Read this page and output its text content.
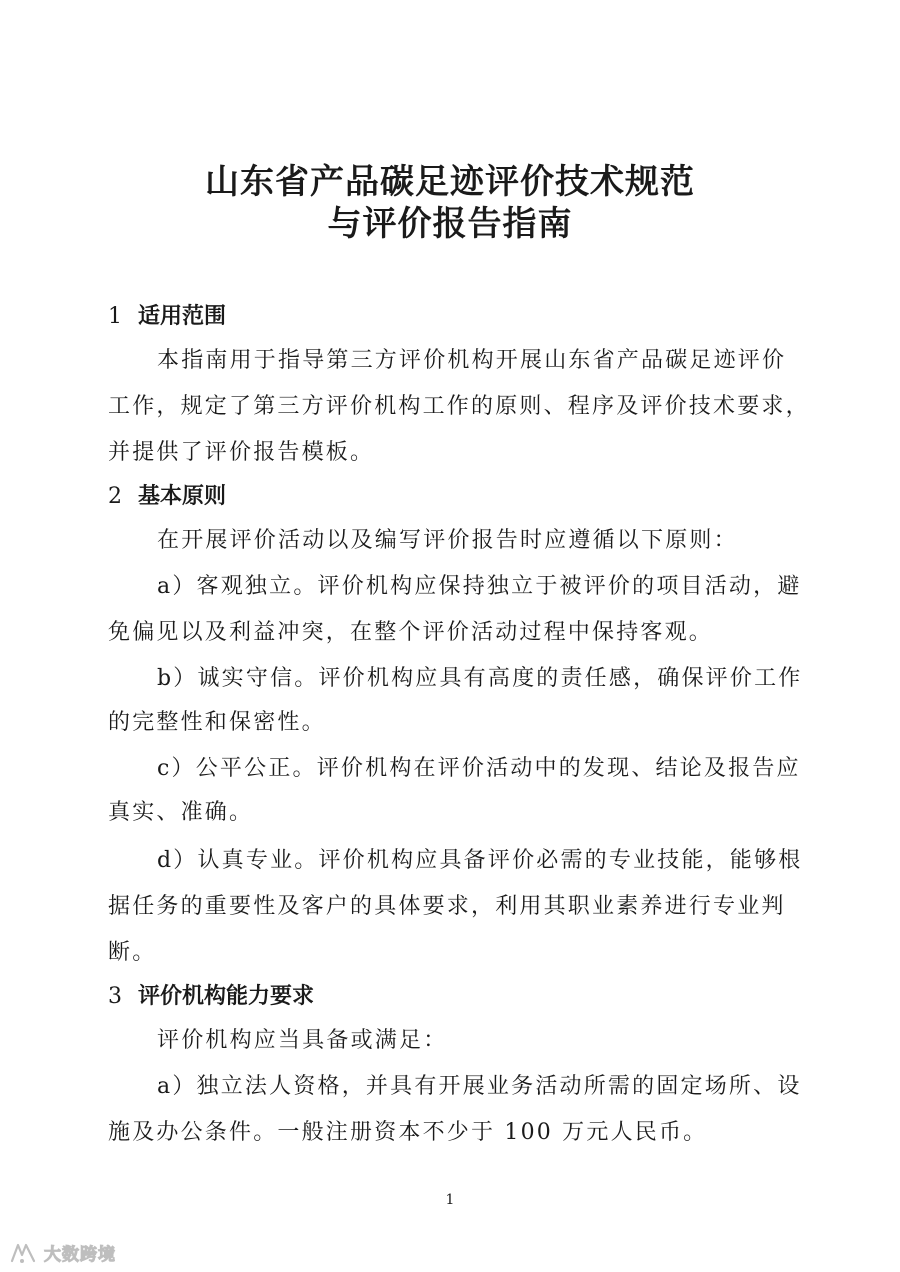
山东省产品碳足迹评价技术规范
与评价报告指南
1 适用范围

本指南用于指导第三方评价机构开展山东省产品碳足迹评价

工作，规定了第三方评价机构工作的原则、程序及评价技术要求，

并提供了评价报告模板。

2 基本原则

在开展评价活动以及编写评价报告时应遵循以下原则：

a）客观独立。评价机构应保持独立于被评价的项目活动，避

免偏见以及利益冲突，在整个评价活动过程中保持客观。

b）诚实守信。评价机构应具有高度的责任感，确保评价工作

的完整性和保密性。

c）公平公正。评价机构在评价活动中的发现、结论及报告应

真实、准确。

d）认真专业。评价机构应具备评价必需的专业技能，能够根

据任务的重要性及客户的具体要求，利用其职业素养进行专业判

断。

3 评价机构能力要求

评价机构应当具备或满足：

a）独立法人资格，并具有开展业务活动所需的固定场所、设

施及办公条件。一般注册资本不少于 100 万元人民币。

1

大数跨境
